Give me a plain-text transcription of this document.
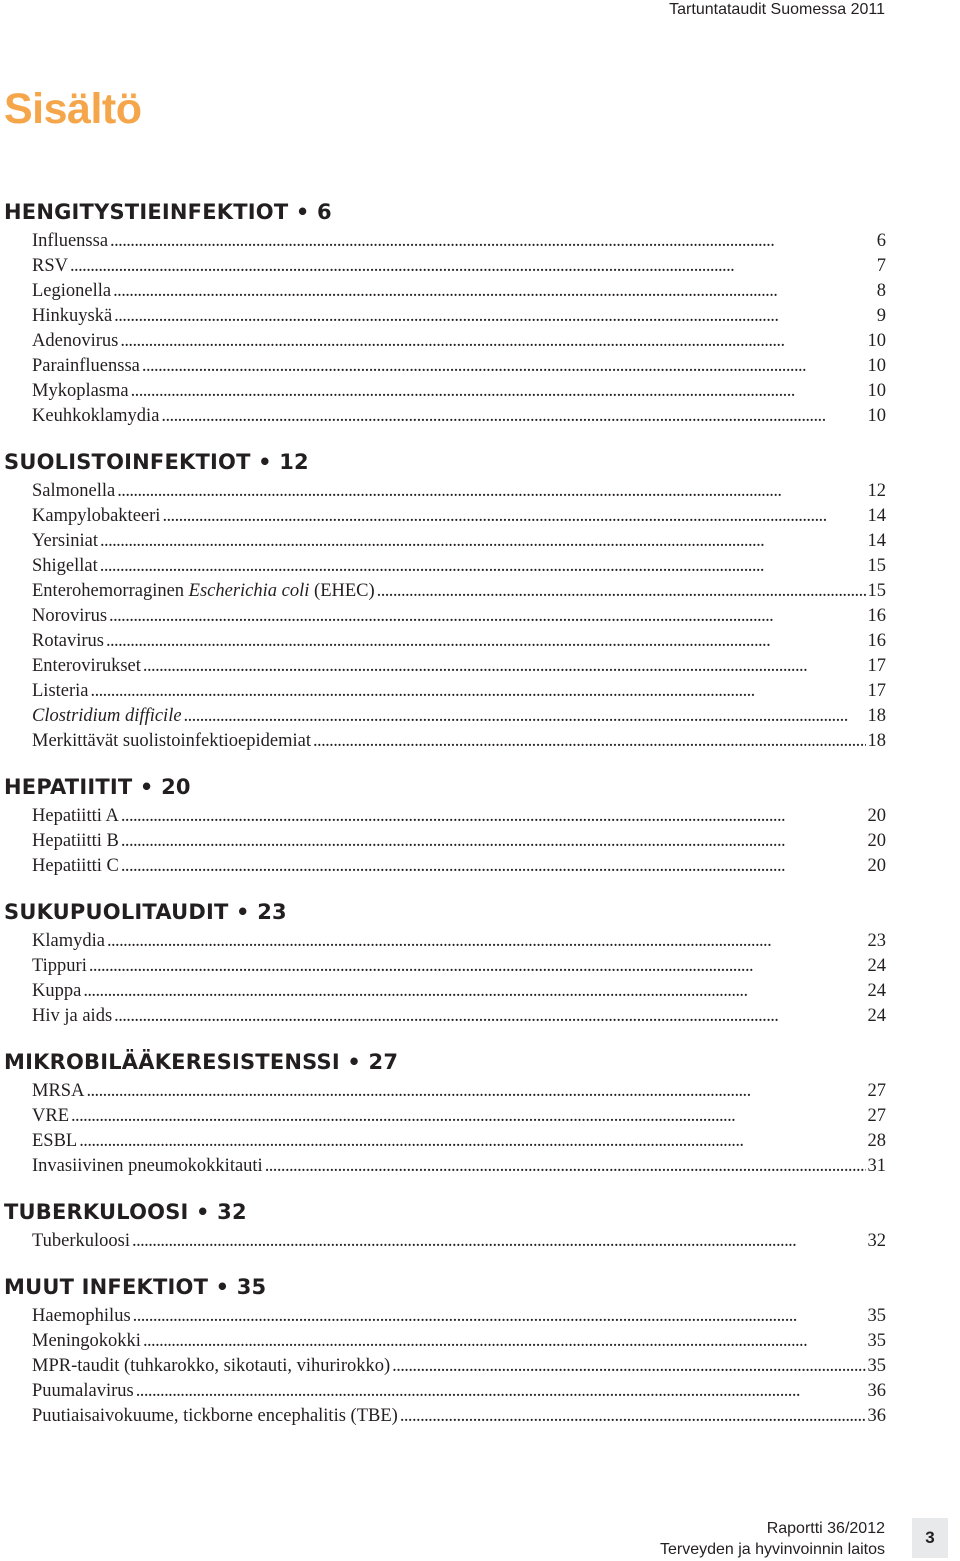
Tartuntataudit Suomessa 2011
Sisältö
HENGITYSTIEINFEKTIOT • 6
Influenssa . . .	6
RSV . . .	7
Legionella . . .	8
Hinkuyskä . . .	9
Adenovirus . . .	10
Parainfluenssa . . .	10
Mykoplasma . . .	10
Keuhkoklamydia . . .	10
SUOLISTOINFEKTIOT • 12
Salmonella . . .	12
Kampylobakteeri . . .	14
Yersiniat . . .	14
Shigellat . . .	15
Enterohemorraginen Escherichia coli (EHEC) . . .	15
Norovirus . . .	16
Rotavirus . . .	16
Enterovirukset . . .	17
Listeria . . .	17
Clostridium difficile . . .	18
Merkittävät suolistoinfektioepidemiat . . .	18
HEPATIITIT • 20
Hepatiitti A . . .	20
Hepatiitti B . . .	20
Hepatiitti C . . .	20
SUKUPUOLITAUDIT • 23
Klamydia . . .	23
Tippuri . . .	24
Kuppa . . .	24
Hiv ja aids . . .	24
MIKROBILÄÄKERESISTENSSI • 27
MRSA . . .	27
VRE . . .	27
ESBL . . .	28
Invasiivinen pneumokokkitauti . . .	31
TUBERKULOOSI • 32
Tuberkuloosi . . .	32
MUUT INFEKTIOT • 35
Haemophilus . . .	35
Meningokokki . . .	35
MPR-taudit (tuhkarokko, sikotauti, vihurirokko) . . .	35
Puumalavirus . . .	36
Puutiaisaivokuume, tickborne encephalitis (TBE) . . .	36
Raportti 36/2012
Terveyden ja hyvinvoinnin laitos
3
